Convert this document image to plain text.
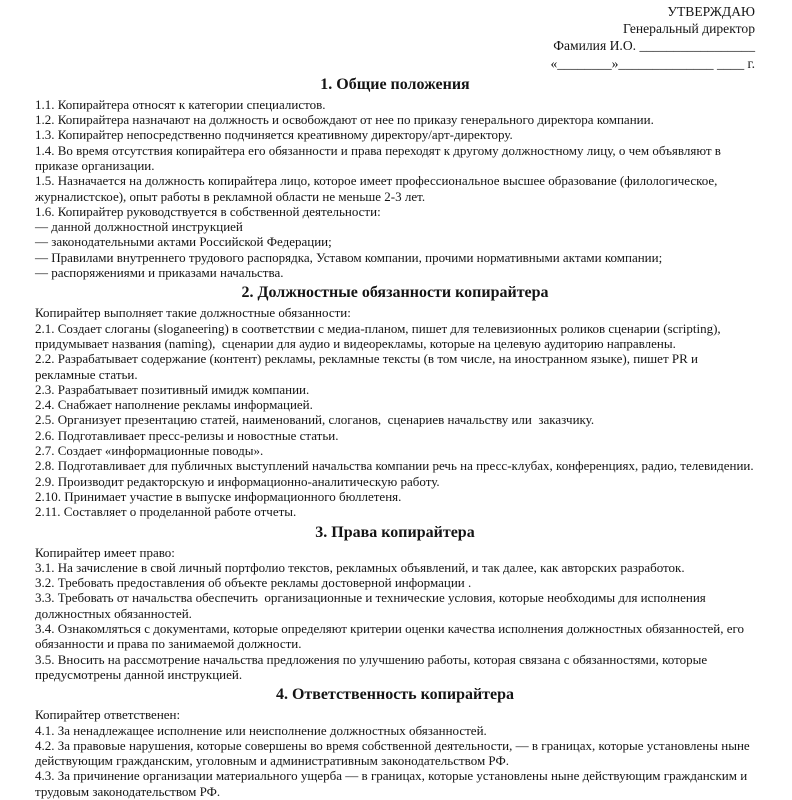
УТВЕРЖДАЮ
Генеральный директор
Фамилия И.О. _________________
«________»______________ ____ г.
1. Общие положения

1.1. Копирайтера относят к категории специалистов.

1.2. Копирайтера назначают на должность и освобождают от нее по приказу генерального директора компании.

1.3. Копирайтер непосредственно подчиняется креативному директору/арт-директору.

1.4. Во время отсутствия копирайтера его обязанности и права переходят к другому должностному лицу, о чем объявляют в приказе организации.

1.5. Назначается на должность копирайтера лицо, которое имеет профессиональное высшее образование (филологическое, журналистское), опыт работы в рекламной области не меньше 2-3 лет.

1.6. Копирайтер руководствуется в собственной деятельности:

— данной должностной инструкцией

— законодательными актами Российской Федерации;

— Правилами внутреннего трудового распорядка, Уставом компании, прочими нормативными актами компании;

— распоряжениями и приказами начальства.

2. Должностные обязанности копирайтера

Копирайтер выполняет такие должностные обязанности:

2.1. Создает слоганы (sloganeering) в соответствии с медиа-планом, пишет для телевизионных роликов сценарии (scripting), придумывает названия (naming),  сценарии для аудио и видеорекламы, которые на целевую аудиторию направлены.

2.2. Разрабатывает содержание (контент) рекламы, рекламные тексты (в том числе, на иностранном языке), пишет PR и рекламные статьи.

2.3. Разрабатывает позитивный имидж компании.

2.4. Снабжает наполнение рекламы информацией.

2.5. Организует презентацию статей, наименований, слоганов,  сценариев начальству или  заказчику.

2.6. Подготавливает пресс-релизы и новостные статьи.

2.7. Создает «информационные поводы».

2.8. Подготавливает для публичных выступлений начальства компании речь на пресс-клубах, конференциях, радио, телевидении.

2.9. Производит редакторскую и информационно-аналитическую работу.

2.10. Принимает участие в выпуске информационного бюллетеня.

2.11. Составляет о проделанной работе отчеты.

3. Права копирайтера

Копирайтер имеет право:

3.1. На зачисление в свой личный портфолио текстов, рекламных объявлений, и так далее, как авторских разработок.

3.2. Требовать предоставления об объекте рекламы достоверной информации .

3.3. Требовать от начальства обеспечить  организационные и технические условия, которые необходимы для исполнения должностных обязанностей.

3.4. Ознакомляться с документами, которые определяют критерии оценки качества исполнения должностных обязанностей, его обязанности и права по занимаемой должности.

3.5. Вносить на рассмотрение начальства предложения по улучшению работы, которая связана с обязанностями, которые предусмотрены данной инструкцией.

4. Ответственность копирайтера

Копирайтер ответственен:

4.1. За ненадлежащее исполнение или неисполнение должностных обязанностей.

4.2. За правовые нарушения, которые совершены во время собственной деятельности, — в границах, которые установлены ныне действующим гражданским, уголовным и административным законодательством РФ.

4.3. За причинение организации материального ущерба — в границах, которые установлены ныне действующим гражданским и трудовым законодательством РФ.
